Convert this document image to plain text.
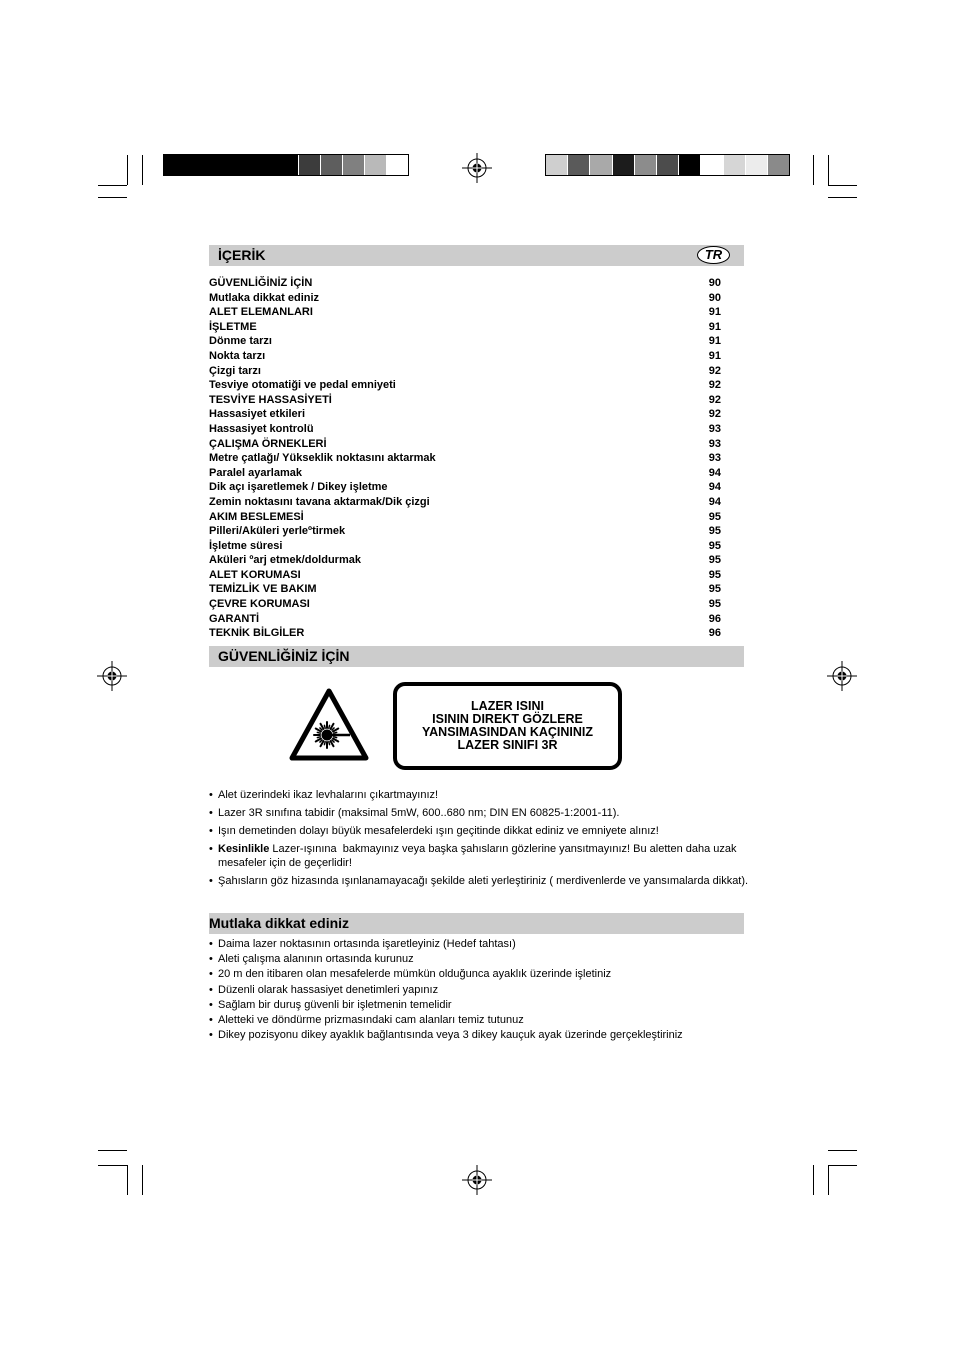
İÇERİK	TR
GÜVENLİĞİNİZ İÇİN	90
Mutlaka dikkat ediniz	90
ALET ELEMANLARI	91
İŞLETME	91
Dönme tarzı	91
Nokta tarzı	91
Çizgi tarzı	92
Tesviye otomatiği ve pedal emniyeti	92
TESVİYE HASSASİYETİ	92
Hassasiyet etkileri	92
Hassasiyet kontrolü	93
ÇALIŞMA ÖRNEKLERİ	93
Metre çatlağı/ Yükseklik noktasını aktarmak	93
Paralel ayarlamak	94
Dik açı işaretlemek / Dikey işletme	94
Zemin noktasını tavana aktarmak/Dik çizgi	94
AKIM BESLEMESİ	95
Pilleri/Aküleri yerleºtirmek	95
İşletme süresi	95
Aküleri ºarj etmek/doldurmak	95
ALET KORUMASI	95
TEMİZLİK VE BAKIM	95
ÇEVRE KORUMASI	95
GARANTİ	96
TEKNİK BİLGİLER	96
GÜVENLİĞİNİZ İÇİN
LAZER ISINI
ISININ DIREKT GÖZLERE
YANSIMASINDAN KAÇININIZ
LAZER SINIFI 3R
• Alet üzerindeki ikaz levhalarını çıkartmayınız!
• Lazer 3R sınıfına tabidir (maksimal 5mW, 600..680 nm; DIN EN 60825-1:2001-11).
• Işın demetinden dolayı büyük mesafelerdeki ışın geçitinde dikkat ediniz ve emniyete alınız!
• Kesinlikle Lazer-ışınına  bakmayınız veya başka şahısların gözlerine yansıtmayınız! Bu aletten daha uzak
mesafeler için de geçerlidir!
• Şahısların göz hizasında ışınlanamayacağı şekilde aleti yerleştiriniz ( merdivenlerde ve yansımalarda dikkat).
Mutlaka dikkat ediniz
• Daima lazer noktasının ortasında işaretleyiniz (Hedef tahtası)
• Aleti çalışma alanının ortasında kurunuz
• 20 m den itibaren olan mesafelerde mümkün olduğunca ayaklık üzerinde işletiniz
• Düzenli olarak hassasiyet denetimleri yapınız
• Sağlam bir duruş güvenli bir işletmenin temelidir
• Aletteki ve döndürme prizmasındaki cam alanları temiz tutunuz
• Dikey pozisyonu dikey ayaklık bağlantısında veya 3 dikey kauçuk ayak üzerinde gerçekleştiriniz
